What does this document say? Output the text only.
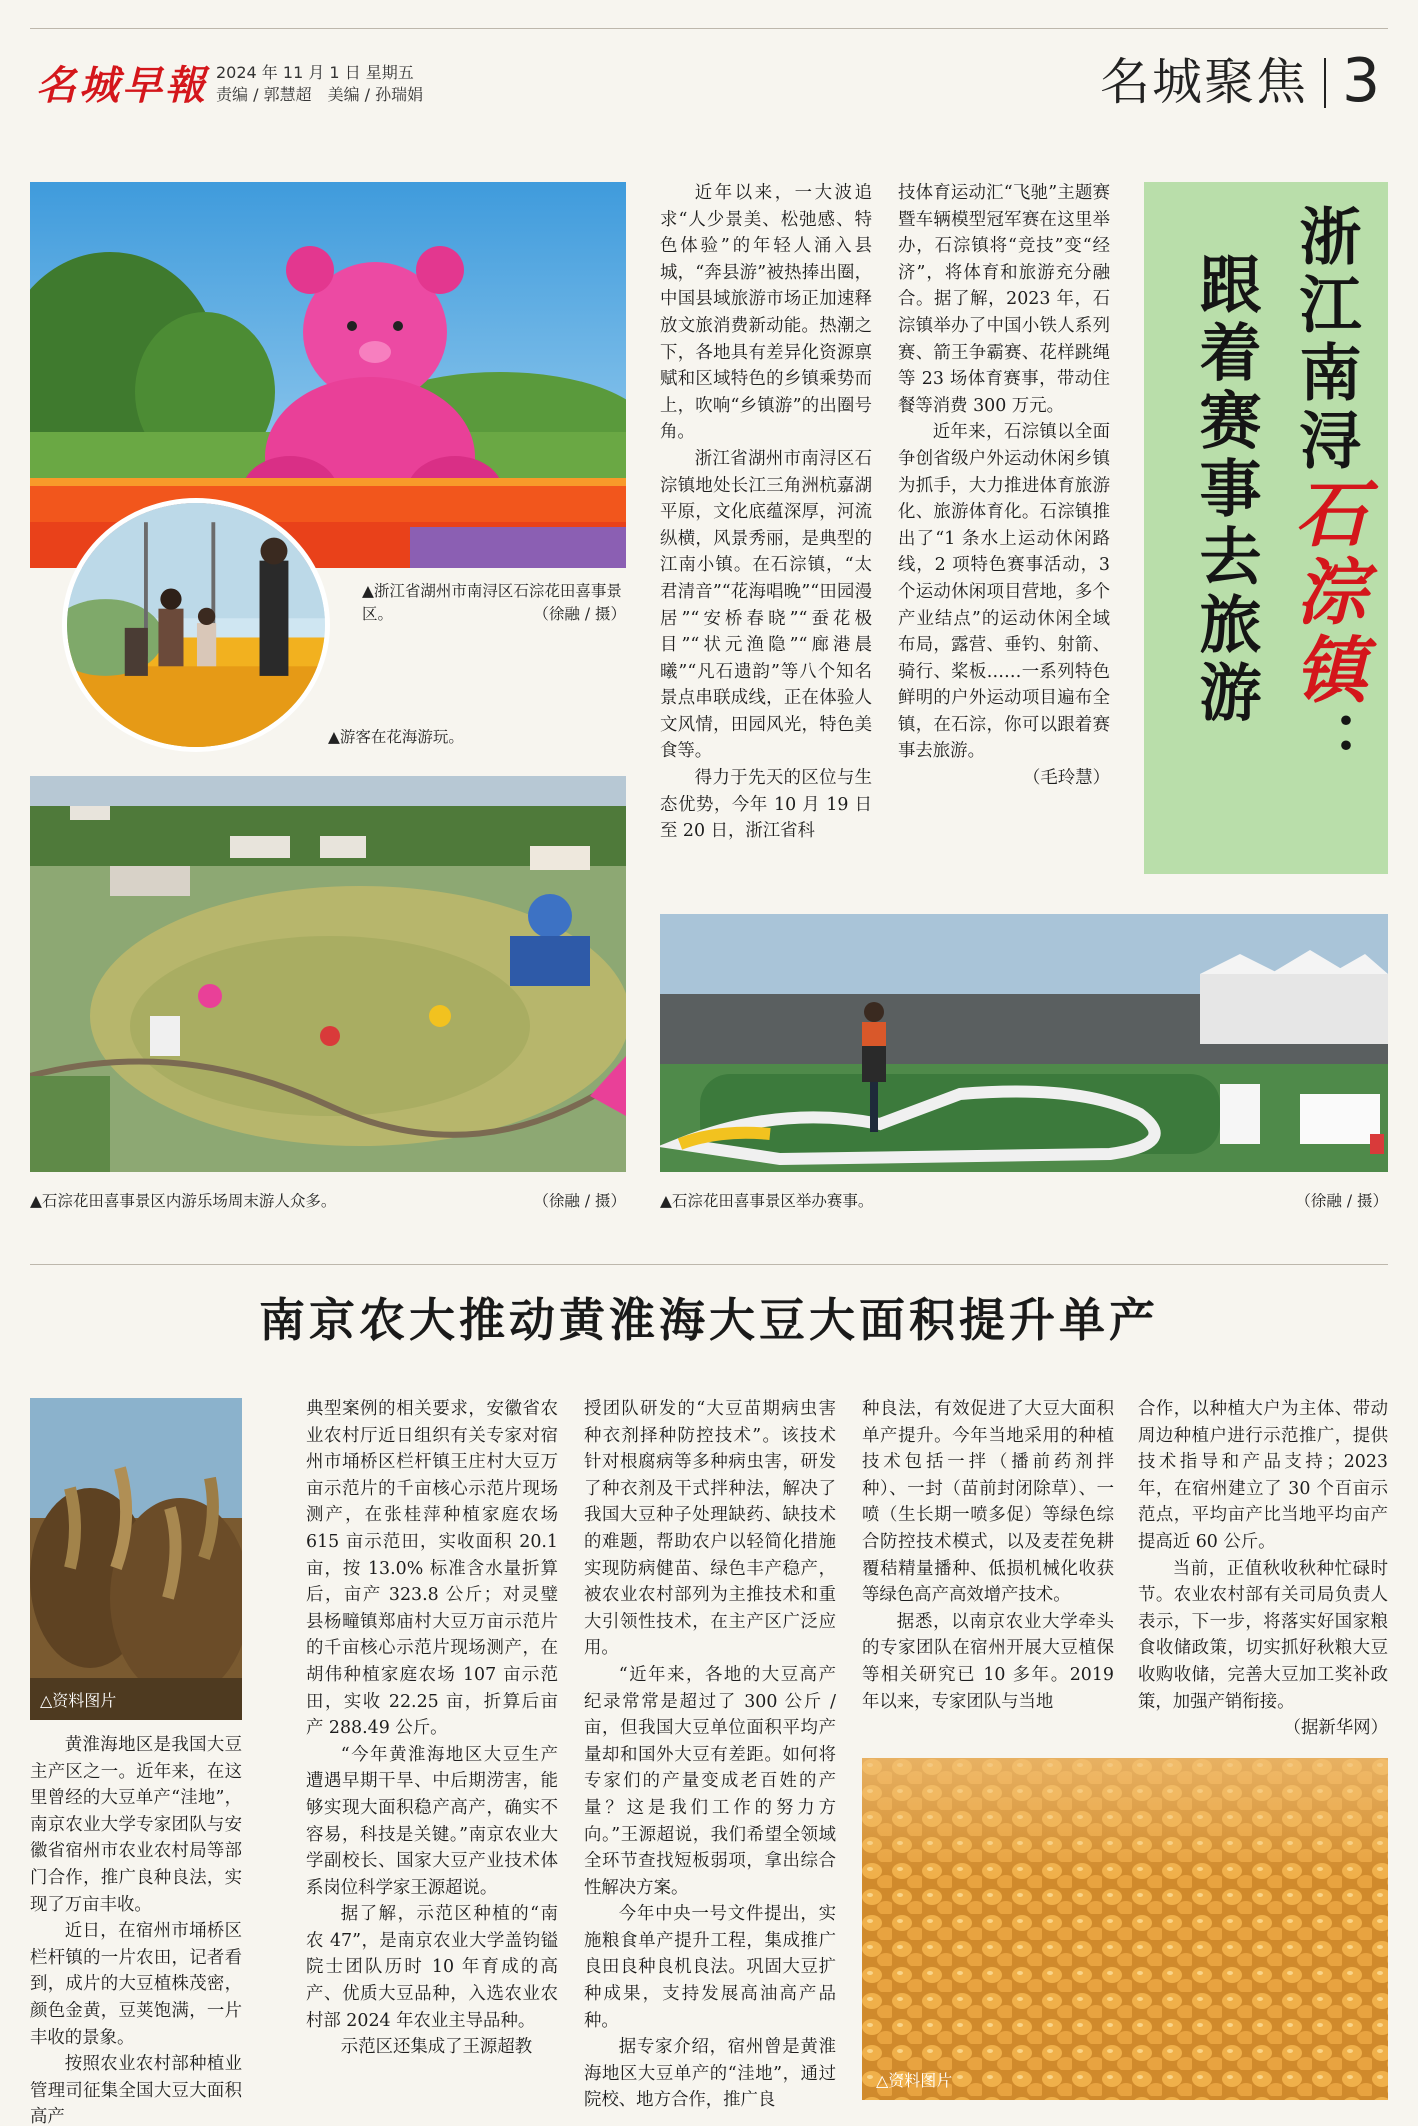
名城早報 2024 年 11 月 1 日 星期五
责编 / 郭慧超　美编 / 孙瑞娟	名城聚焦 3
▲浙江省湖州市南浔区石淙花田喜事景区。	（徐融 / 摄）
▲游客在花海游玩。
▲石淙花田喜事景区内游乐场周末游人众多。	（徐融 / 摄） ▲石淙花田喜事景区举办赛事。	（徐融 / 摄）

近年以来，一大波追求“人少景美、松弛感、特色体验”的年轻人涌入县城，“奔县游”被热捧出圈，中国县域旅游市场正加速释放文旅消费新动能。热潮之下，各地具有差异化资源禀赋和区域特色的乡镇乘势而上，吹响“乡镇游”的出圈号角。

浙江省湖州市南浔区石淙镇地处长江三角洲杭嘉湖平原，文化底蕴深厚，河流纵横，风景秀丽，是典型的江南小镇。在石淙镇，“太君清音”“花海唱晚”“田园漫居”“安桥春晓”“蚕花极目”“状元渔隐”“廊港晨曦”“凡石遗韵”等八个知名景点串联成线，正在体验人文风情，田园风光，特色美食等。

得力于先天的区位与生态优势，今年 10 月 19 日至 20 日，浙江省科

技体育运动汇“飞驰”主题赛暨车辆模型冠军赛在这里举办，石淙镇将“竞技”变“经济”，将体育和旅游充分融合。据了解，2023 年，石淙镇举办了中国小铁人系列赛、箭王争霸赛、花样跳绳等 23 场体育赛事，带动住餐等消费 300 万元。

近年来，石淙镇以全面争创省级户外运动休闲乡镇为抓手，大力推进体育旅游化、旅游体育化。石淙镇推出了“1 条水上运动休闲路线，2 项特色赛事活动，3 个运动休闲项目营地，多个产业结点”的运动休闲全域布局，露营、垂钓、射箭、骑行、桨板……一系列特色鲜明的户外运动项目遍布全镇，在石淙，你可以跟着赛事去旅游。

（毛玲慧）

浙江南浔石淙镇：
跟着赛事去旅游
南京农大推动黄淮海大豆大面积提升单产
△资料图片

黄淮海地区是我国大豆主产区之一。近年来，在这里曾经的大豆单产“洼地”，南京农业大学专家团队与安徽省宿州市农业农村局等部门合作，推广良种良法，实现了万亩丰收。

近日，在宿州市埇桥区栏杆镇的一片农田，记者看到，成片的大豆植株茂密，颜色金黄，豆荚饱满，一片丰收的景象。

按照农业农村部种植业管理司征集全国大豆大面积高产

典型案例的相关要求，安徽省农业农村厅近日组织有关专家对宿州市埇桥区栏杆镇王庄村大豆万亩示范片的千亩核心示范片现场测产，在张桂萍种植家庭农场 615 亩示范田，实收面积 20.1 亩，按 13.0% 标准含水量折算后，亩产 323.8 公斤；对灵璧县杨疃镇郑庙村大豆万亩示范片的千亩核心示范片现场测产，在胡伟种植家庭农场 107 亩示范田，实收 22.25 亩，折算后亩产 288.49 公斤。

“今年黄淮海地区大豆生产遭遇早期干旱、中后期涝害，能够实现大面积稳产高产，确实不容易，科技是关键。”南京农业大学副校长、国家大豆产业技术体系岗位科学家王源超说。

据了解，示范区种植的“南农 47”，是南京农业大学盖钧镒院士团队历时 10 年育成的高产、优质大豆品种，入选农业农村部 2024 年农业主导品种。

示范区还集成了王源超教

授团队研发的“大豆苗期病虫害种衣剂择种防控技术”。该技术针对根腐病等多种病虫害，研发了种衣剂及干式拌种法，解决了我国大豆种子处理缺药、缺技术的难题，帮助农户以轻简化措施实现防病健苗、绿色丰产稳产，被农业农村部列为主推技术和重大引领性技术，在主产区广泛应用。

“近年来，各地的大豆高产纪录常常是超过了 300 公斤 / 亩，但我国大豆单位面积平均产量却和国外大豆有差距。如何将专家们的产量变成老百姓的产量？这是我们工作的努力方向。”王源超说，我们希望全领域全环节查找短板弱项，拿出综合性解决方案。

今年中央一号文件提出，实施粮食单产提升工程，集成推广良田良种良机良法。巩固大豆扩种成果，支持发展高油高产品种。

据专家介绍，宿州曾是黄淮海地区大豆单产的“洼地”，通过院校、地方合作，推广良

种良法，有效促进了大豆大面积单产提升。今年当地采用的种植技术包括一拌（播前药剂拌种）、一封（苗前封闭除草）、一喷（生长期一喷多促）等绿色综合防控技术模式，以及麦茬免耕覆秸精量播种、低损机械化收获等绿色高产高效增产技术。

据悉，以南京农业大学牵头的专家团队在宿州开展大豆植保等相关研究已 10 多年。2019 年以来，专家团队与当地

合作，以种植大户为主体、带动周边种植户进行示范推广，提供技术指导和产品支持；2023 年，在宿州建立了 30 个百亩示范点，平均亩产比当地平均亩产提高近 60 公斤。

当前，正值秋收秋种忙碌时节。农业农村部有关司局负责人表示，下一步，将落实好国家粮食收储政策，切实抓好秋粮大豆收购收储，完善大豆加工奖补政策，加强产销衔接。

（据新华网）

△资料图片
